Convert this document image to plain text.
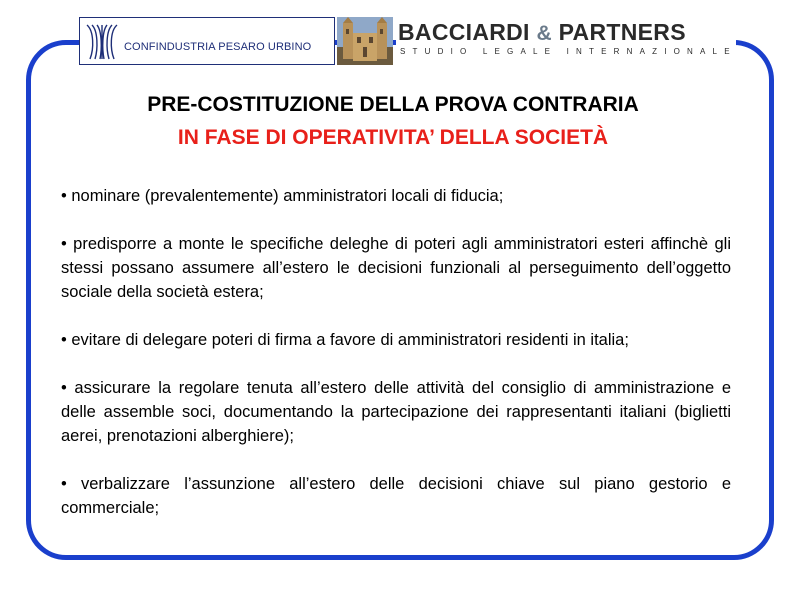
CONFINDUSTRIA PESARO URBINO
BACCIARDI & PARTNERS
STUDIO LEGALE INTERNAZIONALE
PRE-COSTITUZIONE DELLA PROVA CONTRARIA
IN FASE DI OPERATIVITA’ DELLA SOCIETÀ

• nominare (prevalentemente) amministratori locali di fiducia;

• predisporre a monte le specifiche deleghe di poteri agli amministratori esteri affinchè gli stessi possano assumere all’estero le decisioni funzionali al perseguimento dell’oggetto sociale della società estera;

• evitare di delegare poteri di firma a favore di amministratori residenti in italia;

• assicurare la regolare tenuta all’estero delle attività del consiglio di amministrazione e delle assemble soci, documentando la partecipazione dei rappresentanti italiani (biglietti aerei, prenotazioni alberghiere);

• verbalizzare l’assunzione all’estero delle decisioni chiave sul piano gestorio e commerciale;
